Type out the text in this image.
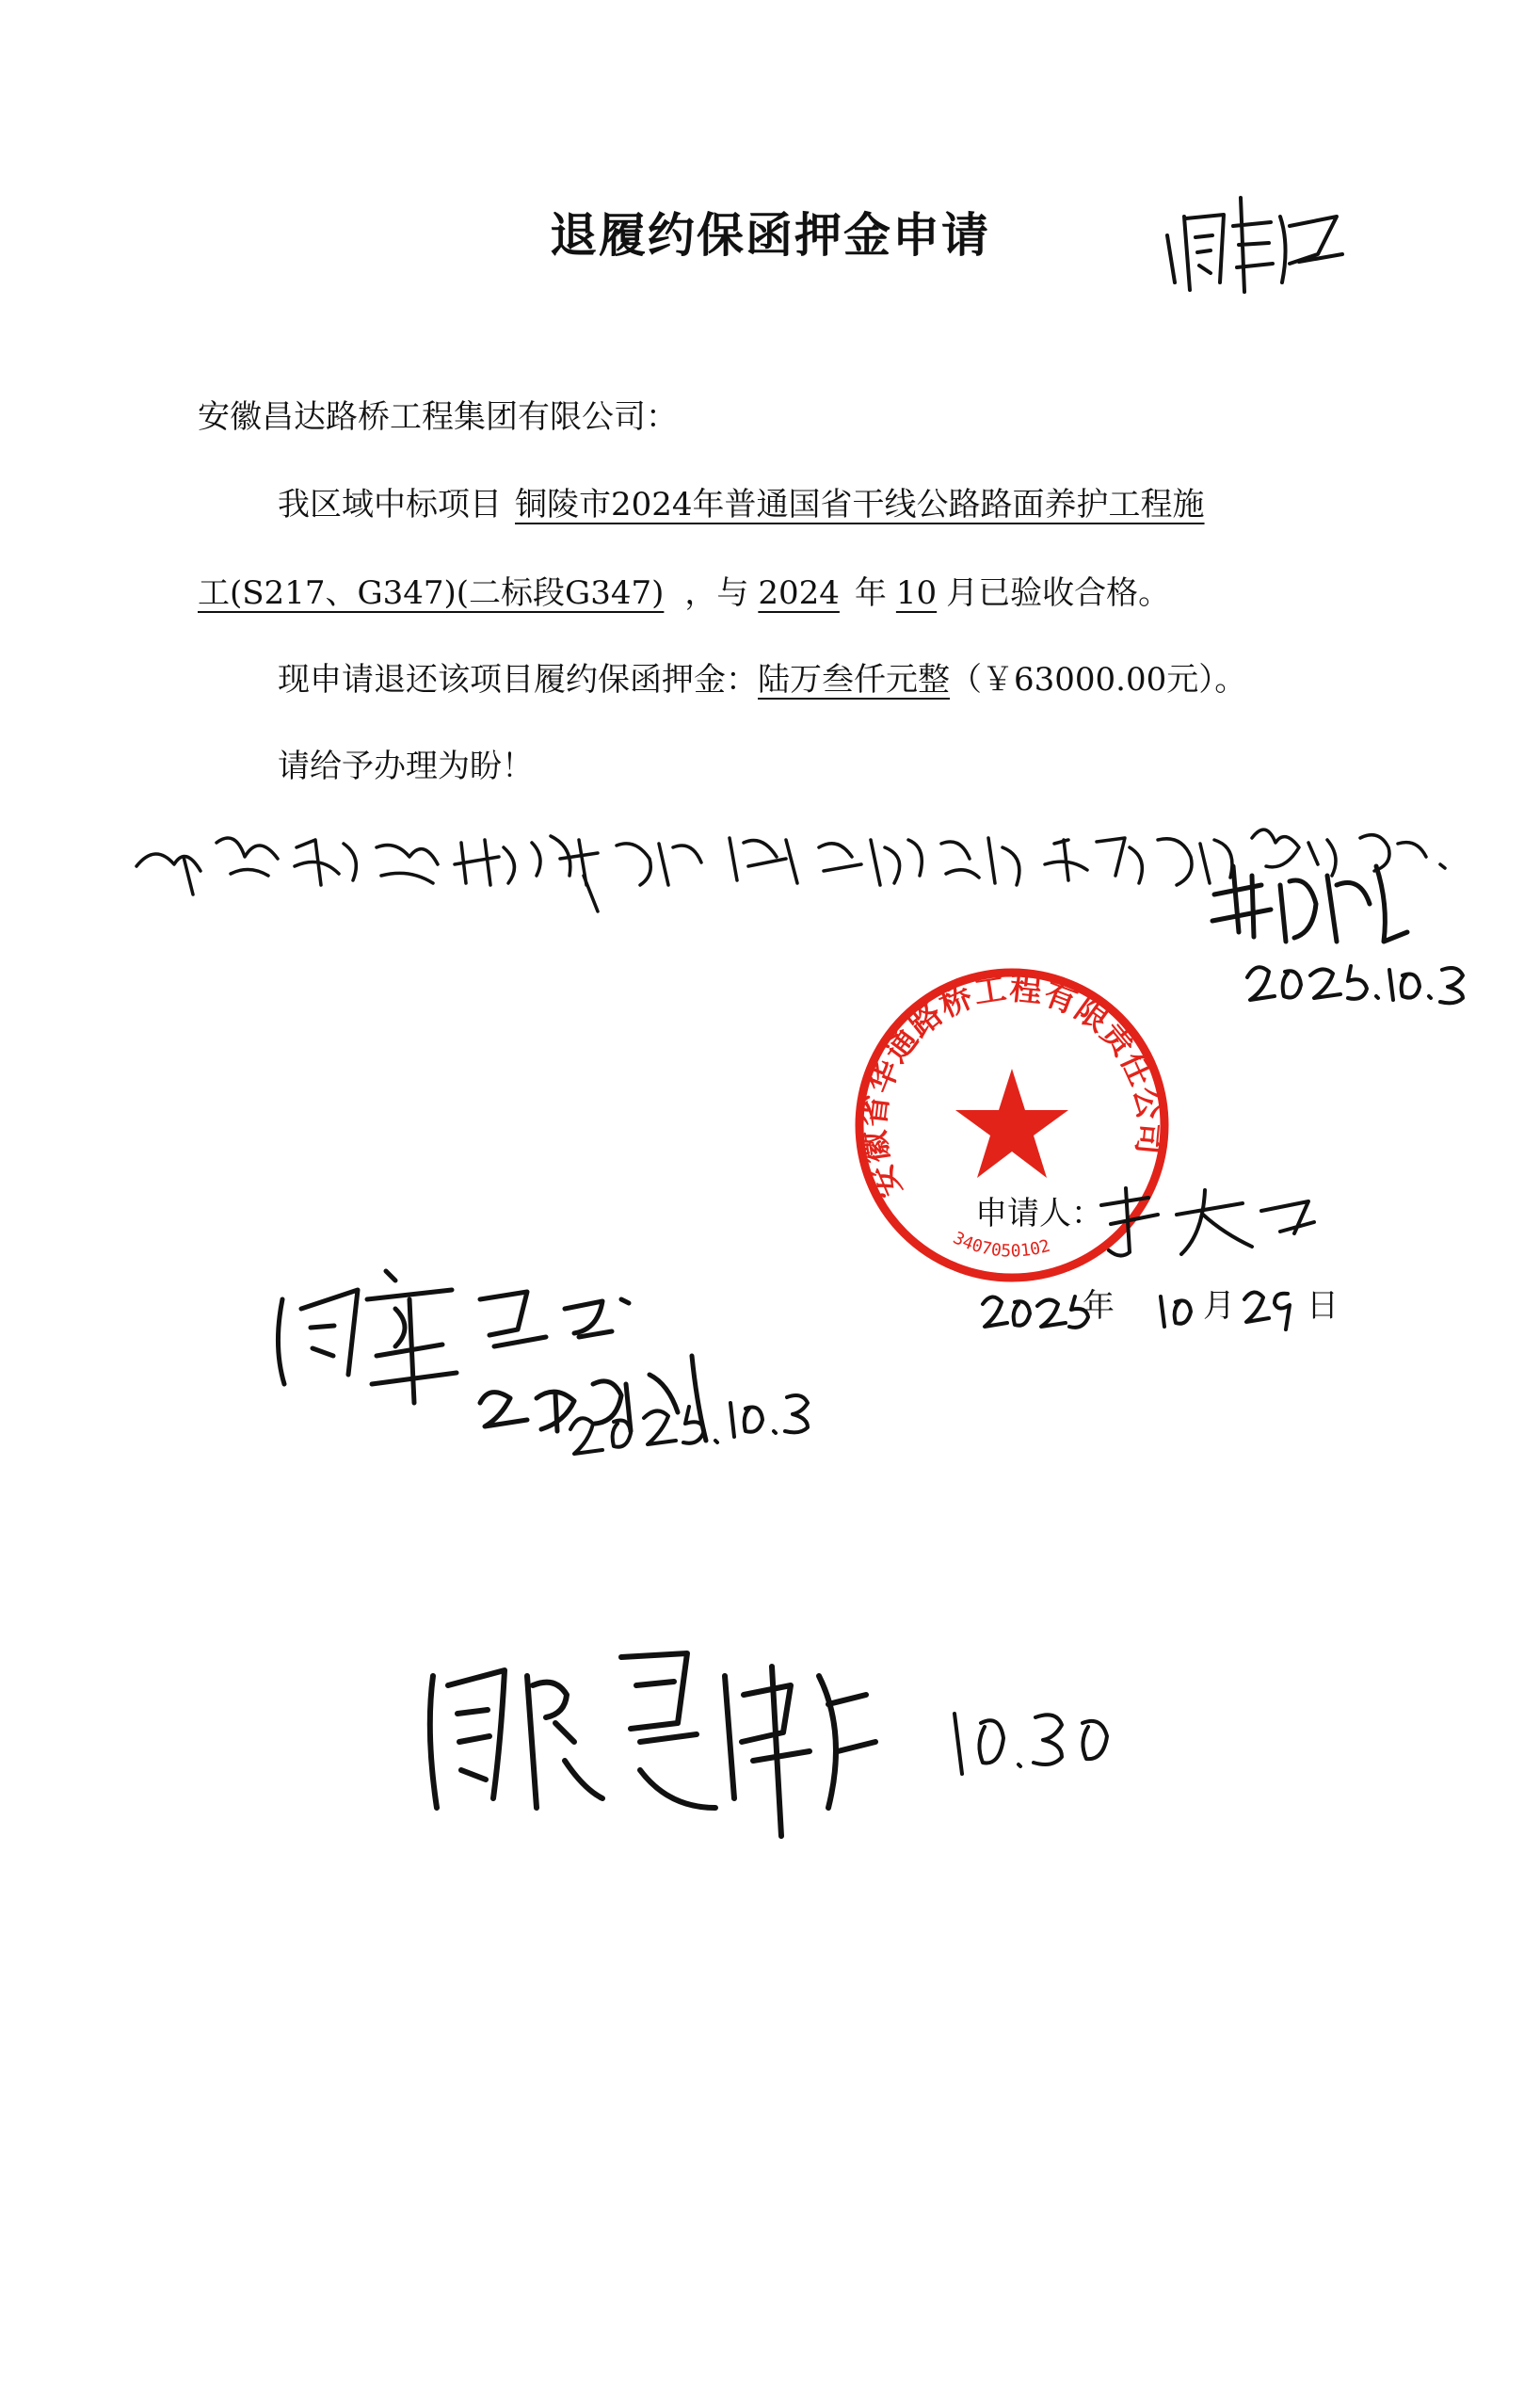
退履约保函押金申请
安徽昌达路桥工程集团有限公司：
我区域中标项目 铜陵市2024年普通国省干线公路路面养护工程施
工(S217、G347)(二标段G347) ，与 2024 年 10 月已验收合格。
现申请退还该项目履约保函押金：陆万叁仟元整（￥63000.00元）。
请给予办理为盼！
安徽省华通路桥工程有限责任公司
3407050102
申请人：
年	月 日
